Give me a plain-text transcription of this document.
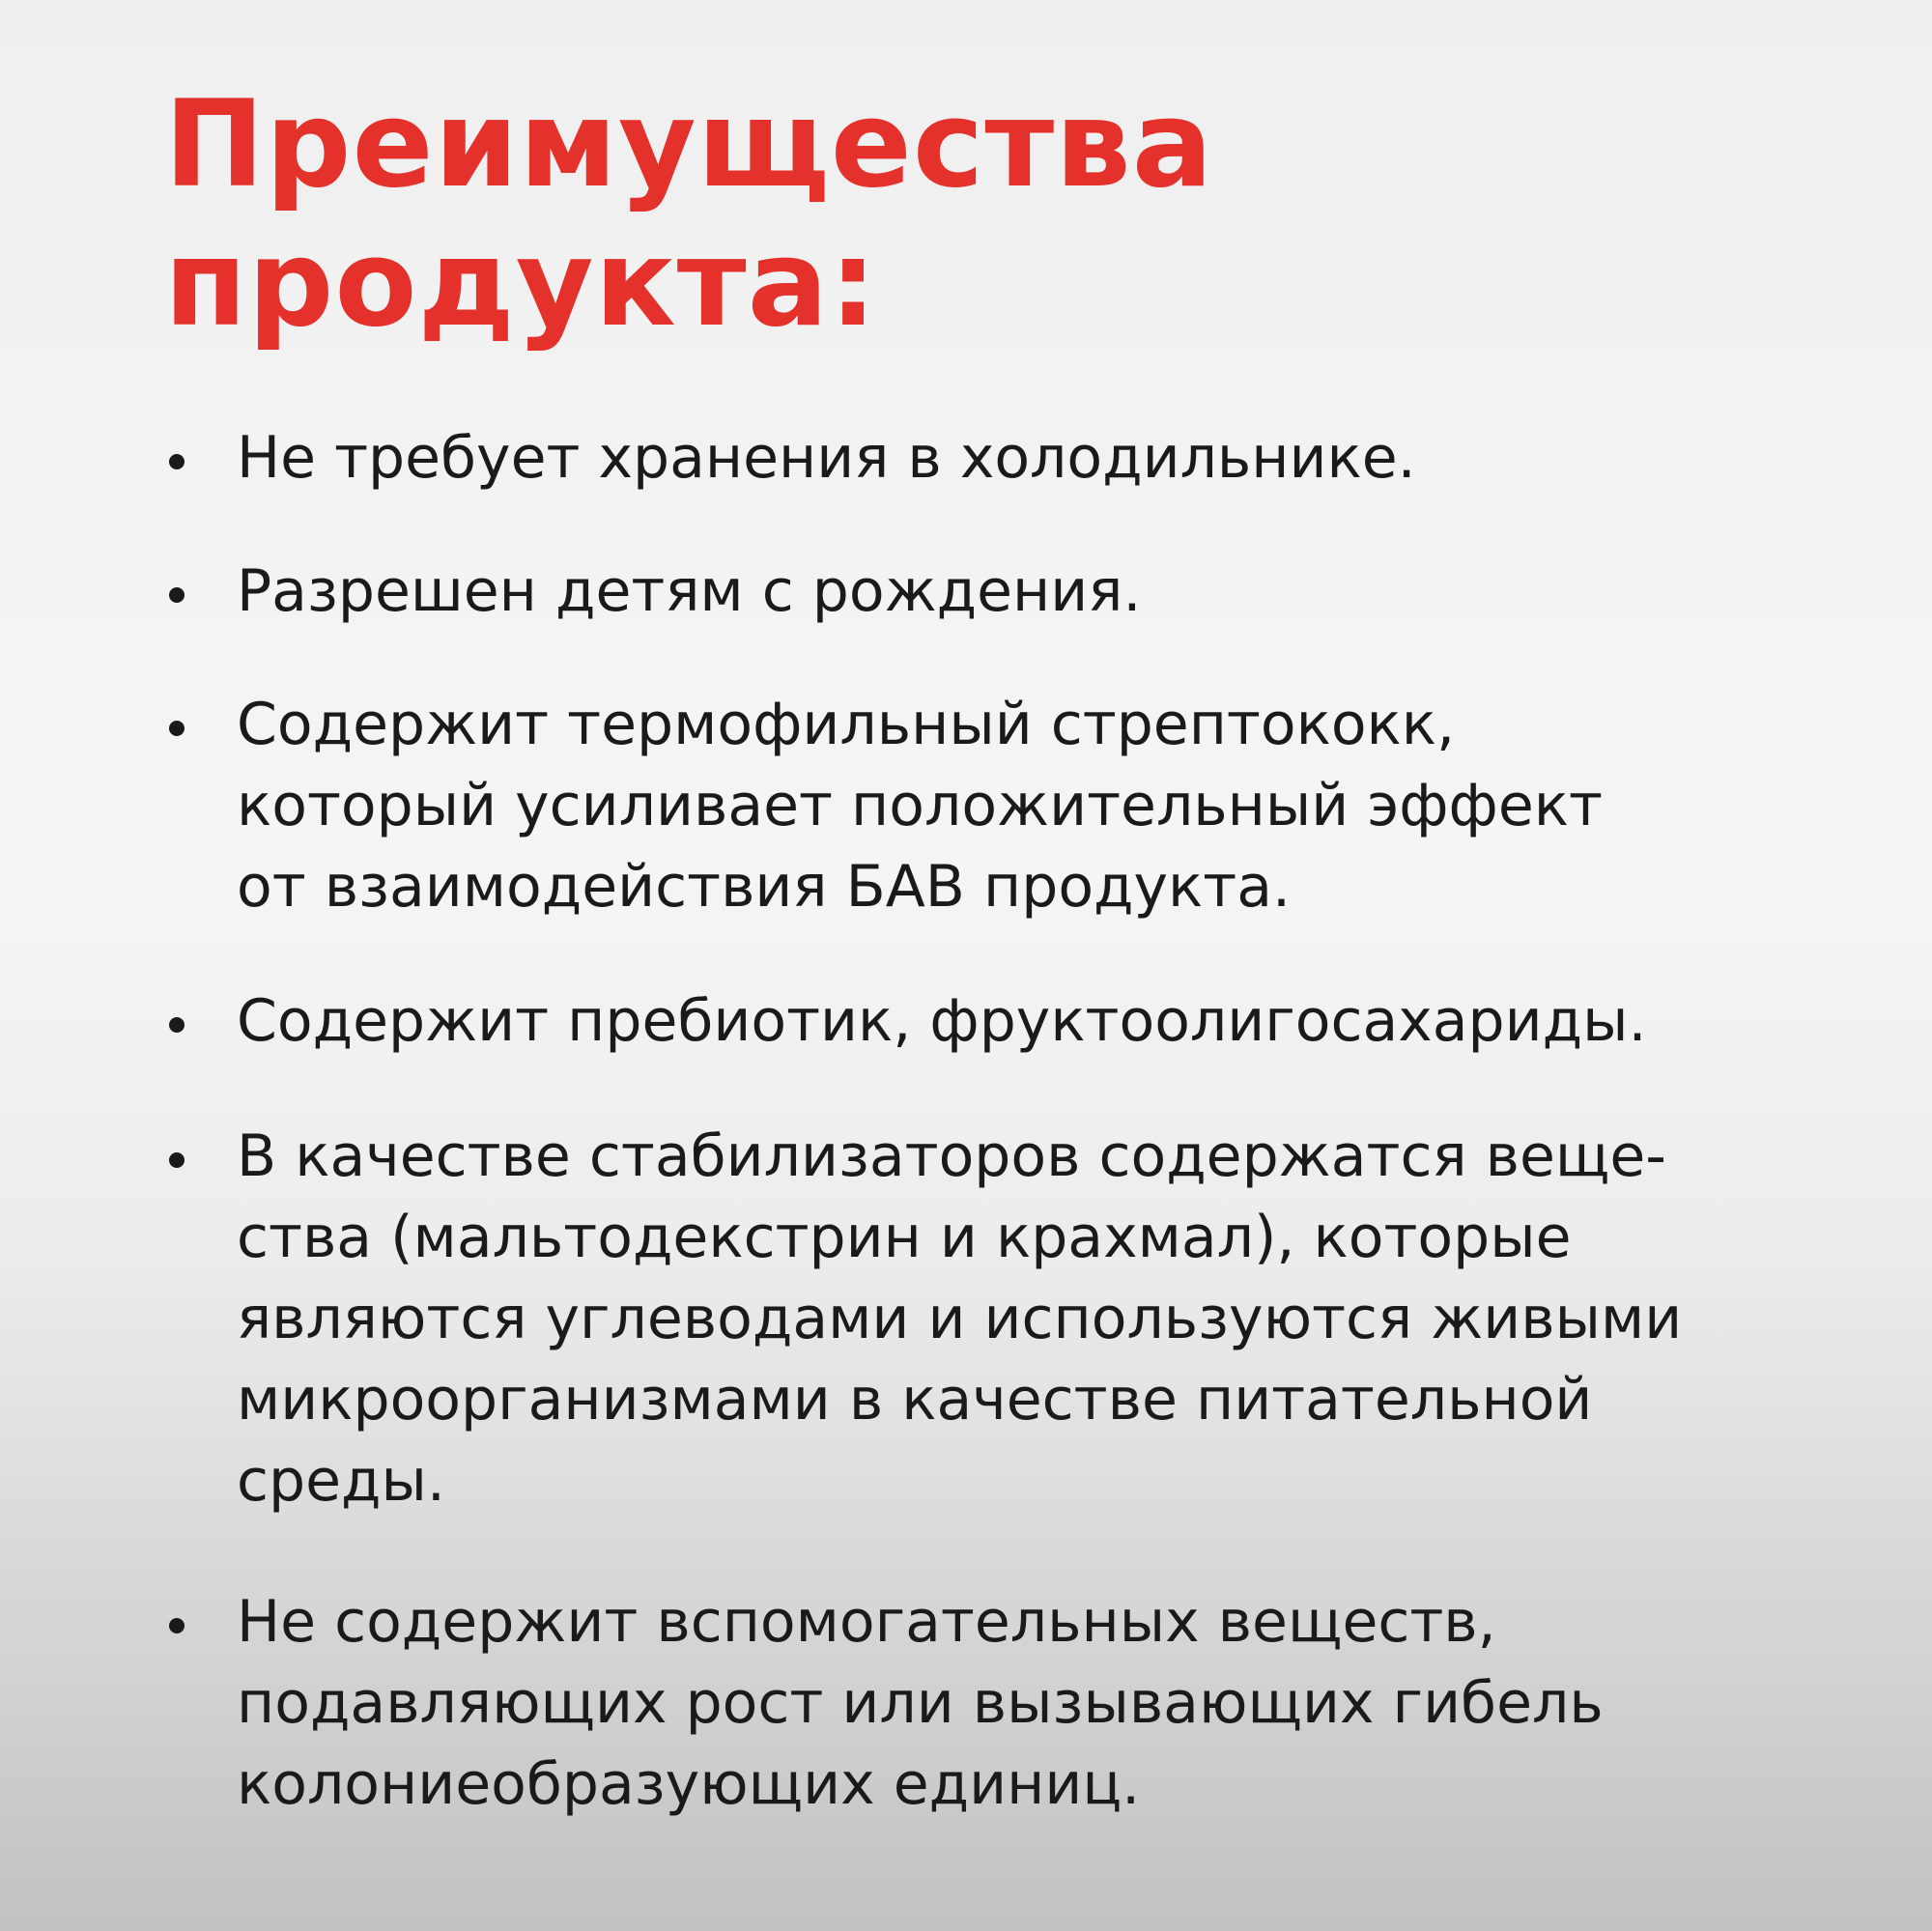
Преимущества
продукта:

Не требует хранения в холодильнике.

Разрешен детям с рождения.

Содержит термофильный стрептококк,
который усиливает положительный эффект
от взаимодействия БАВ продукта.

Содержит пребиотик, фруктоолигосахариды.

В качестве стабилизаторов содержатся веще-
ства (мальтодекстрин и крахмал), которые
являются углеводами и используются живыми
микроорганизмами в качестве питательной
среды.

Не содержит вспомогательных веществ,
подавляющих рост или вызывающих гибель
колониеобразующих единиц.
